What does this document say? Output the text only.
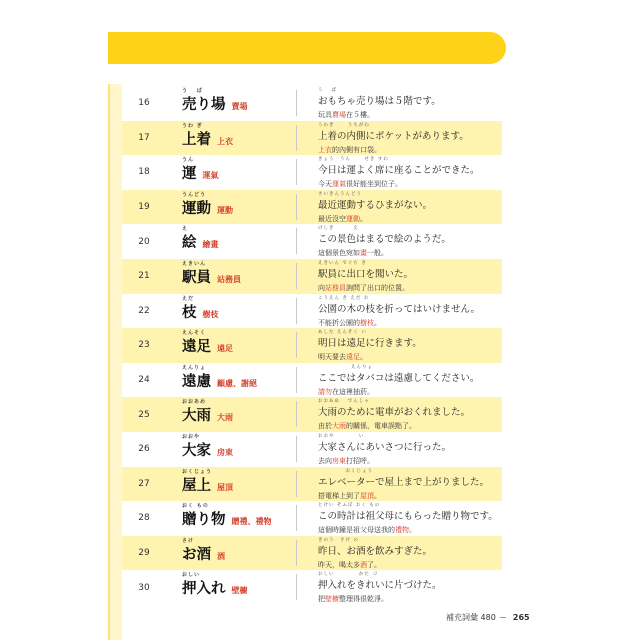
16
う　 ば
売り場 賣場
う　 ば
おもちゃ売り場は５階です。
玩具賣場在５樓。
17
うわ ぎ
上着 上衣
うわぎ　　 うちがわ
上着の内側にポケットがあります。
上衣的內側有口袋。
18
うん
運 運氣
きょう　うん　　 せき すわ
今日は運よく席に座ることができた。
今天運氣很好能坐到位子。
19
うんどう
運動 運動
さいきんうんどう
最近運動するひまがない。
最近沒空運動。
20
え
絵 繪畫
けしき　　　 え
この景色はまるで絵のようだ。
這個景色宛如畫一般。
21
えきいん
駅員 站務員
えきいん でぐち き
駅員に出口を聞いた。
向站務員詢問了出口的位置。
22
えだ
枝 樹枝
こうえん き えだ お
公園の木の枝を折ってはいけません。
不能折公園的樹枝。
23
えんそく
遠足 遠足
あした えんそく い
明日は遠足に行きます。
明天要去遠足。
24
えんりょ
遠慮 顧慮、謝絕
　　　　　　えんりょ
ここではタバコは遠慮してください。
請勿在這裡抽菸。
25
おおあめ
大雨 大雨
おおあめ　 でんしゃ
大雨のために電車がおくれました。
由於大雨的關係，電車誤點了。
26
おおや
大家 房東
おおや　　　　 い
大家さんにあいさつに行った。
去向房東打招呼。
27
おくじょう
屋上 屋頂
　　　　　おくじょう
エレベーターで屋上まで上がりました。
搭電梯上到了屋頂。
28
おく もの
贈り物 贈禮、禮物
とけい そふぼ おく もの
この時計は祖父母にもらった贈り物です。
這個時鐘是祖父母送我的禮物。
29
さけ
お酒 酒
きのう　さけ の
昨日、お酒を飲みすぎた。
昨天，喝太多酒了。
30
おしい
押入れ 壁櫥
おしい　　　　 かた づ
押入れをきれいに片づけた。
把壁櫥整理得很乾淨。
補充詞彙 480 265
